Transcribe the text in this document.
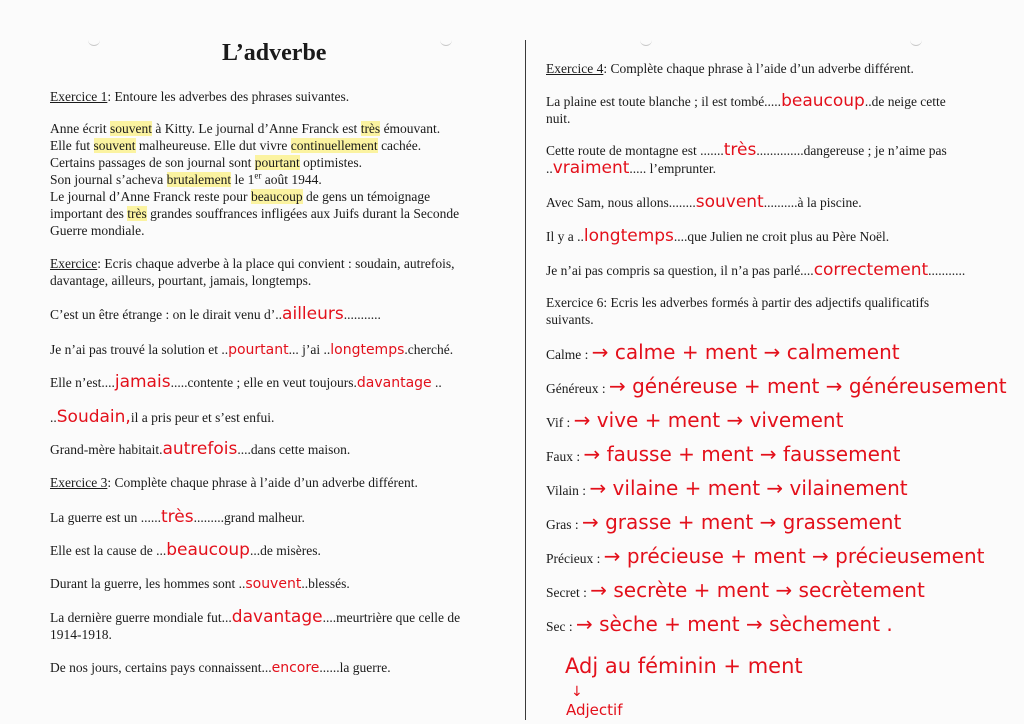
L’adverbe
Exercice 1: Entoure les adverbes des phrases suivantes.
Anne écrit souvent à Kitty. Le journal d’Anne Franck est très émouvant.
Elle fut souvent malheureuse. Elle dut vivre continuellement cachée.
Certains passages de son journal sont pourtant optimistes.
Son journal s’acheva brutalement le 1er août 1944.
Le journal d’Anne Franck reste pour beaucoup de gens un témoignage
important des très grandes souffrances infligées aux Juifs durant la Seconde
Guerre mondiale.
Exercice: Ecris chaque adverbe à la place qui convient : soudain, autrefois,
davantage, ailleurs, pourtant, jamais, longtemps.
C’est un être étrange : on le dirait venu d’..ailleurs...........
Je n’ai pas trouvé la solution et ..pourtant... j’ai ..longtemps.cherché.
Elle n’est....jamais.....contente ; elle en veut toujours.davantage ..
..Soudain,il a pris peur et s’est enfui.
Grand-mère habitait.autrefois....dans cette maison.
Exercice 3: Complète chaque phrase à l’aide d’un adverbe différent.
La guerre est un ......très.........grand malheur.
Elle est la cause de ...beaucoup...de misères.
Durant la guerre, les hommes sont ..souvent..blessés.
La dernière guerre mondiale fut...davantage....meurtrière que celle de
1914-1918.
De nos jours, certains pays connaissent...encore......la guerre.
Exercice 4: Complète chaque phrase à l’aide d’un adverbe différent.
La plaine est toute blanche ; il est tombé.....beaucoup..de neige cette
nuit.
Cette route de montagne est .......très..............dangereuse ; je n’aime pas
..vraiment..... l’emprunter.
Avec Sam, nous allons........souvent..........à la piscine.
Il y a ..longtemps....que Julien ne croit plus au Père Noël.
Je n’ai pas compris sa question, il n’a pas parlé....correctement...........
Exercice 6: Ecris les adverbes formés à partir des adjectifs qualificatifs
suivants.
Calme : → calme + ment → calmement
Généreux : → généreuse + ment → généreusement
Vif : → vive + ment → vivement
Faux : → fausse + ment → faussement
Vilain : → vilaine + ment → vilainement
Gras : → grasse + ment → grassement
Précieux : → précieuse + ment → précieusement
Secret : → secrète + ment → secrètement
Sec : → sèche + ment → sèchement .
Adj au féminin + ment
↓
Adjectif
